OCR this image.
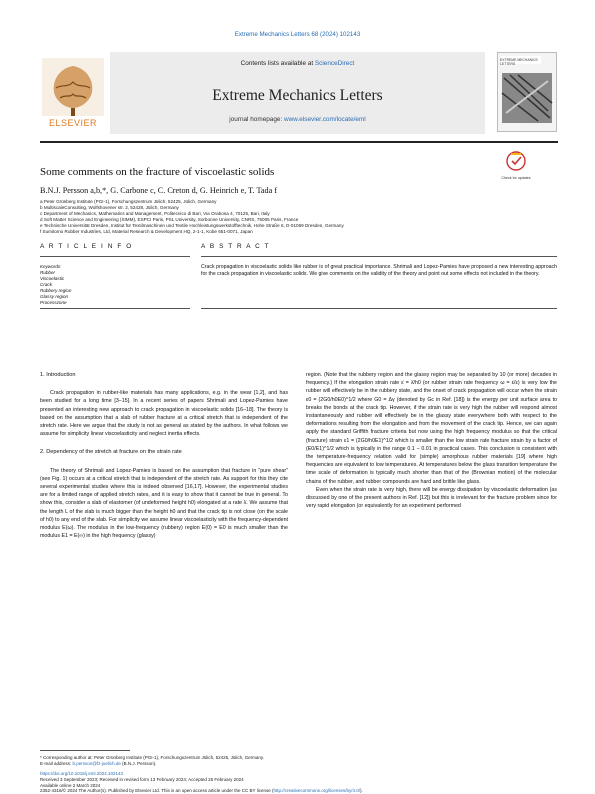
Extreme Mechanics Letters 68 (2024) 102143
ELSEVIER
Contents lists available at ScienceDirect
Extreme Mechanics Letters
journal homepage: www.elsevier.com/locate/eml
EXTREME MECHANICS LETTERS
Some comments on the fracture of viscoelastic solids	Check for updates
B.N.J. Persson a,b,*, G. Carbone c, C. Creton d, G. Heinrich e, T. Tada f
a Peter Grünberg Institute (PGI-1), Forschungszentrum Jülich, 52425, Jülich, Germany
b MultiscaleConsulting, Wolfshovener str. 2, 52428, Jülich, Germany
c Department of Mechanics, Mathematics and Management, Politecnico di Bari, Via Orabona 4, 70125, Bari, Italy
d Soft Matter Science and Engineering (SIMM), ESPCI Paris, PSL University, Sorbonne University, CNRS, 75005 Paris, France
e Technische Universität Dresden, Institut für Textilmaschinen und Textile Hochleistungswerkstofftechnik, Hohe Straße 6, D-01069 Dresden, Germany
f Sumitomo Rubber Industries, Ltd, Material Research & Development HQ, 2-1-1, Kobe 651-0071, Japan
A R T I C L E I N F O	A B S T R A C T
Keywords:
Rubber
Viscoelastic
Crack
Rubbery region
Glassy region
Processzone
Crack propagation in viscoelastic solids like rubber is of great practical importance. Shrimali and Lopez-Pamies have proposed a new interesting approach for the crack propagation in viscoelastic solids. We give comments on the validity of the theory and point out some effects not included in the theory.

1. Introduction

Crack propagation in rubber-like materials has many applications, e.g. in the wear [1,2], and has been studied for a long time [3–15]. In a recent series of papers Shrimali and Lopez-Pamies have presented an interesting new approach to crack propagation in viscoelastic solids [16–18]. The theory is based on the assumption that a slab of rubber fracture at a critical stretch that is independent of the stretch rate. Here we argue that the study is not as general as stated by the authors. In what follows we assume for simplicity linear viscoelasticity and neglect inertia effects.

2. Dependency of the stretch at fracture on the strain rate

The theory of Shrimali and Lopez-Pamies is based on the assumption that fracture in "pure shear" (see Fig. 1) occurs at a critical stretch that is independent of the stretch rate. As support for this they cite several experimental studies where this is indeed observed [16,17]. However, the experimental studies are for a limited range of applied stretch rates, and it is easy to show that it cannot be true in general. To show this, consider a slab of elastomer (of undeformed height h0) elongated at a rate λ̇. We assume that the length L of the slab is much bigger than the height h0 and that the crack tip is not close (on the scale of h0) to any end of the slab. For simplicity we assume linear viscoelasticity with the frequency-dependent modulus E(ω). The modulus in the low-frequency (rubbery) region E(0) = E0 is much smaller than the modulus E1 = E(∞) in the high frequency (glassy)

region. (Note that the rubbery region and the glassy region may be separated by 10 (or more) decades in frequency.) If the elongation strain rate ε̇ = λ̇/h0 (or rubber strain rate frequency ω = ε̇/ε) is very low the rubber will effectively be in the rubbery state, and the onset of crack propagation will occur when the strain ε0 = (2G0/h0E0)^1/2 where G0 = Δγ (denoted by Gc in Ref. [18]) is the energy per unit surface area to breaks the bonds at the crack tip. However, if the strain rate is very high the rubber will respond almost instantaneously and rubber will effectively be in the glassy state everywhere both with respect to the deformations resulting from the elongation and from the movement of the crack tip. Hence, we can again apply the standard Griffith fracture criteria but now using the high frequency modulus so that the critical (fracture) strain ε1 = (2G0/h0E1)^1/2 which is smaller than the low strain rate fracture strain by a factor of (E0/E1)^1/2 which is typically in the range 0.1 − 0.01 in practical cases. This conclusion is consistent with the temperature-frequency relation valid for (simple) amorphous rubber materials [19] where high frequencies are equivalent to low temperatures. At temperatures below the glass transition temperature the time scale of deformation is typically much shorter than that of the (Brownian motion) of the molecular chains of the rubber, and rubber compounds are hard and brittle like glass.

Even when the strain rate is very high, there will be energy dissipation by viscoelastic deformation (as discussed by one of the present authors in Ref. [12]) but this is irrelevant for the fracture problem since for very rapid elongation (or equivalently for an experiment performed

* Corresponding author at: Peter Grünberg Institute (PGI-1), Forschungszentrum Jülich, 52425, Jülich, Germany.
E-mail address: b.persson@fz-juelich.de (B.N.J. Persson).
https://doi.org/10.1016/j.eml.2024.102143
Received 3 September 2023; Received in revised form 13 February 2024; Accepted 25 February 2024
Available online 2 March 2024
2352-4316/© 2024 The Author(s). Published by Elsevier Ltd. This is an open access article under the CC BY license (http://creativecommons.org/licenses/by/4.0/).
